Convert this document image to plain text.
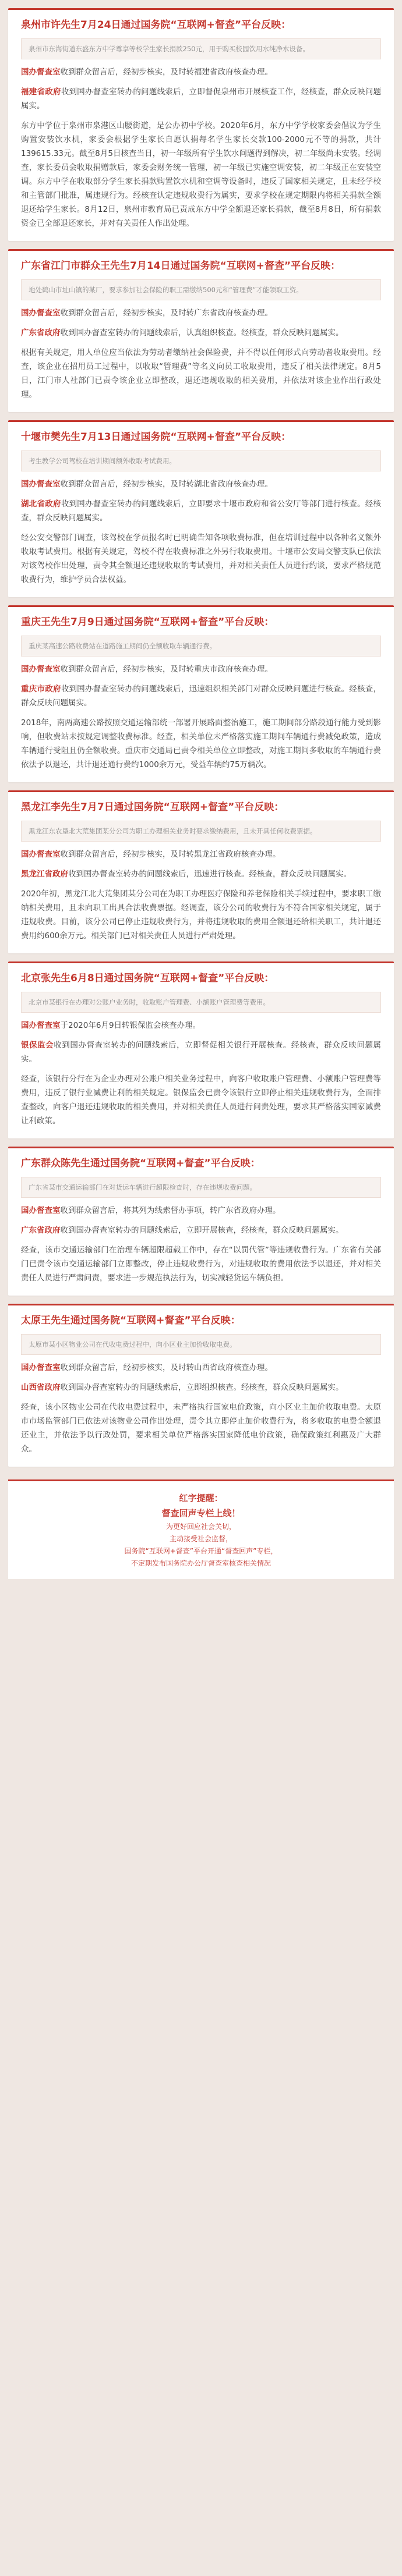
泉州市许先生7月24日通过国务院“互联网+督查”平台反映：
泉州市东海街道东盛东方中学尊享等校学生家长捐款250元，用于购买校园饮用水纯净水设备。

国办督查室收到群众留言后，经初步核实，及时转福建省政府核查办理。

福建省政府收到国办督查室转办的问题线索后，立即督促泉州市开展核查工作，经核查，群众反映问题属实。

东方中学位于泉州市泉港区山腰街道，是公办初中学校。2020年6月，东方中学学校家委会倡议为学生购置安装饮水机，家委会根据学生家长自愿认捐每名学生家长交款100-2000元不等的捐款，共计139615.33元。截至8月5日核查当日，初一年级所有学生饮水问题得到解决，初二年级尚未安装。经调查，家长委员会收取捐赠款后，家委会财务统一管理，初一年级已实施空调安装，初二年级正在安装空调。东方中学在收取部分学生家长捐款购置饮水机和空调等设备时，违反了国家相关规定，且未经学校和主管部门批准，属违规行为。经核查认定违规收费行为属实，要求学校在规定期限内将相关捐款全额退还给学生家长。8月12日，泉州市教育局已责成东方中学全额退还家长捐款，截至8月8日，所有捐款资金已全部退还家长，并对有关责任人作出处理。

广东省江门市群众王先生7月14日通过国务院“互联网+督查”平台反映：
地处鹤山市址山镇的某厂，要求参加社会保险的职工需缴纳500元和“管理费”才能领取工资。

国办督查室收到群众留言后，经初步核实，及时转广东省政府核查办理。

广东省政府收到国办督查室转办的问题线索后，认真组织核查。经核查，群众反映问题属实。

根据有关规定，用人单位应当依法为劳动者缴纳社会保险费，并不得以任何形式向劳动者收取费用。经查，该企业在招用员工过程中，以收取“管理费”等名义向员工收取费用，违反了相关法律规定。8月5日，江门市人社部门已责令该企业立即整改，退还违规收取的相关费用，并依法对该企业作出行政处理。

十堰市樊先生7月13日通过国务院“互联网+督查”平台反映：
考生教学公司驾校在培训期间额外收取考试费用。

国办督查室收到群众留言后，经初步核实，及时转湖北省政府核查办理。

湖北省政府收到国办督查室转办的问题线索后，立即要求十堰市政府和省公安厅等部门进行核查。经核查，群众反映问题属实。

经公安交警部门调查，该驾校在学员报名时已明确告知各项收费标准，但在培训过程中以各种名义额外收取考试费用。根据有关规定，驾校不得在收费标准之外另行收取费用。十堰市公安局交警支队已依法对该驾校作出处理，责令其全额退还违规收取的考试费用，并对相关责任人员进行约谈，要求严格规范收费行为，维护学员合法权益。

重庆王先生7月9日通过国务院“互联网+督查”平台反映：
重庆某高速公路收费站在道路施工期间仍全额收取车辆通行费。

国办督查室收到群众留言后，经初步核实，及时转重庆市政府核查办理。

重庆市政府收到国办督查室转办的问题线索后，迅速组织相关部门对群众反映问题进行核查。经核查，群众反映问题属实。

2018年，南两高速公路按照交通运输部统一部署开展路面整治施工，施工期间部分路段通行能力受到影响，但收费站未按规定调整收费标准。经查，相关单位未严格落实施工期间车辆通行费减免政策，造成车辆通行受阻且仍全额收费。重庆市交通局已责令相关单位立即整改，对施工期间多收取的车辆通行费依法予以退还，共计退还通行费约1000余万元，受益车辆约75万辆次。

黑龙江李先生7月7日通过国务院“互联网+督查”平台反映：
黑龙江东农垦北大荒集团某分公司为职工办理相关业务时要求缴纳费用，且未开具任何收费票据。

国办督查室收到群众留言后，经初步核实，及时转黑龙江省政府核查办理。

黑龙江省政府收到国办督查室转办的问题线索后，迅速进行核查。经核查，群众反映问题属实。

2020年初，黑龙江北大荒集团某分公司在为职工办理医疗保险和养老保险相关手续过程中，要求职工缴纳相关费用，且未向职工出具合法收费票据。经调查，该分公司的收费行为不符合国家相关规定，属于违规收费。目前，该分公司已停止违规收费行为，并将违规收取的费用全额退还给相关职工，共计退还费用约600余万元。相关部门已对相关责任人员进行严肃处理。

北京张先生6月8日通过国务院“互联网+督查”平台反映：
北京市某银行在办理对公账户业务时，收取账户管理费、小额账户管理费等费用。

国办督查室于2020年6月9日转银保监会核查办理。

银保监会收到国办督查室转办的问题线索后，立即督促相关银行开展核查。经核查，群众反映问题属实。

经查，该银行分行在为企业办理对公账户相关业务过程中，向客户收取账户管理费、小额账户管理费等费用，违反了银行业减费让利的相关规定。银保监会已责令该银行立即停止相关违规收费行为，全面排查整改，向客户退还违规收取的相关费用，并对相关责任人员进行问责处理，要求其严格落实国家减费让利政策。

广东群众陈先生通过国务院“互联网+督查”平台反映：
广东省某市交通运输部门在对货运车辆进行超限检查时，存在违规收费问题。

国办督查室收到群众留言后，将其列为线索督办事项，转广东省政府办理。

广东省政府收到国办督查室转办的问题线索后，立即开展核查，经核查，群众反映问题属实。

经查，该市交通运输部门在治理车辆超限超载工作中，存在“以罚代管”等违规收费行为。广东省有关部门已责令该市交通运输部门立即整改，停止违规收费行为，对违规收取的费用依法予以退还，并对相关责任人员进行严肃问责，要求进一步规范执法行为，切实减轻货运车辆负担。

太原王先生通过国务院“互联网+督查”平台反映：
太原市某小区物业公司在代收电费过程中，向小区业主加价收取电费。

国办督查室收到群众留言后，经初步核实，及时转山西省政府核查办理。

山西省政府收到国办督查室转办的问题线索后，立即组织核查。经核查，群众反映问题属实。

经查，该小区物业公司在代收电费过程中，未严格执行国家电价政策，向小区业主加价收取电费。太原市市场监管部门已依法对该物业公司作出处理，责令其立即停止加价收费行为，将多收取的电费全额退还业主，并依法予以行政处罚，要求相关单位严格落实国家降低电价政策，确保政策红利惠及广大群众。

红字提醒：
督查回声专栏上线！
为更好回应社会关切，
主动接受社会监督，
国务院“互联网+督查”平台开通“督查回声”专栏，
不定期发布国务院办公厅督查室核查相关情况
